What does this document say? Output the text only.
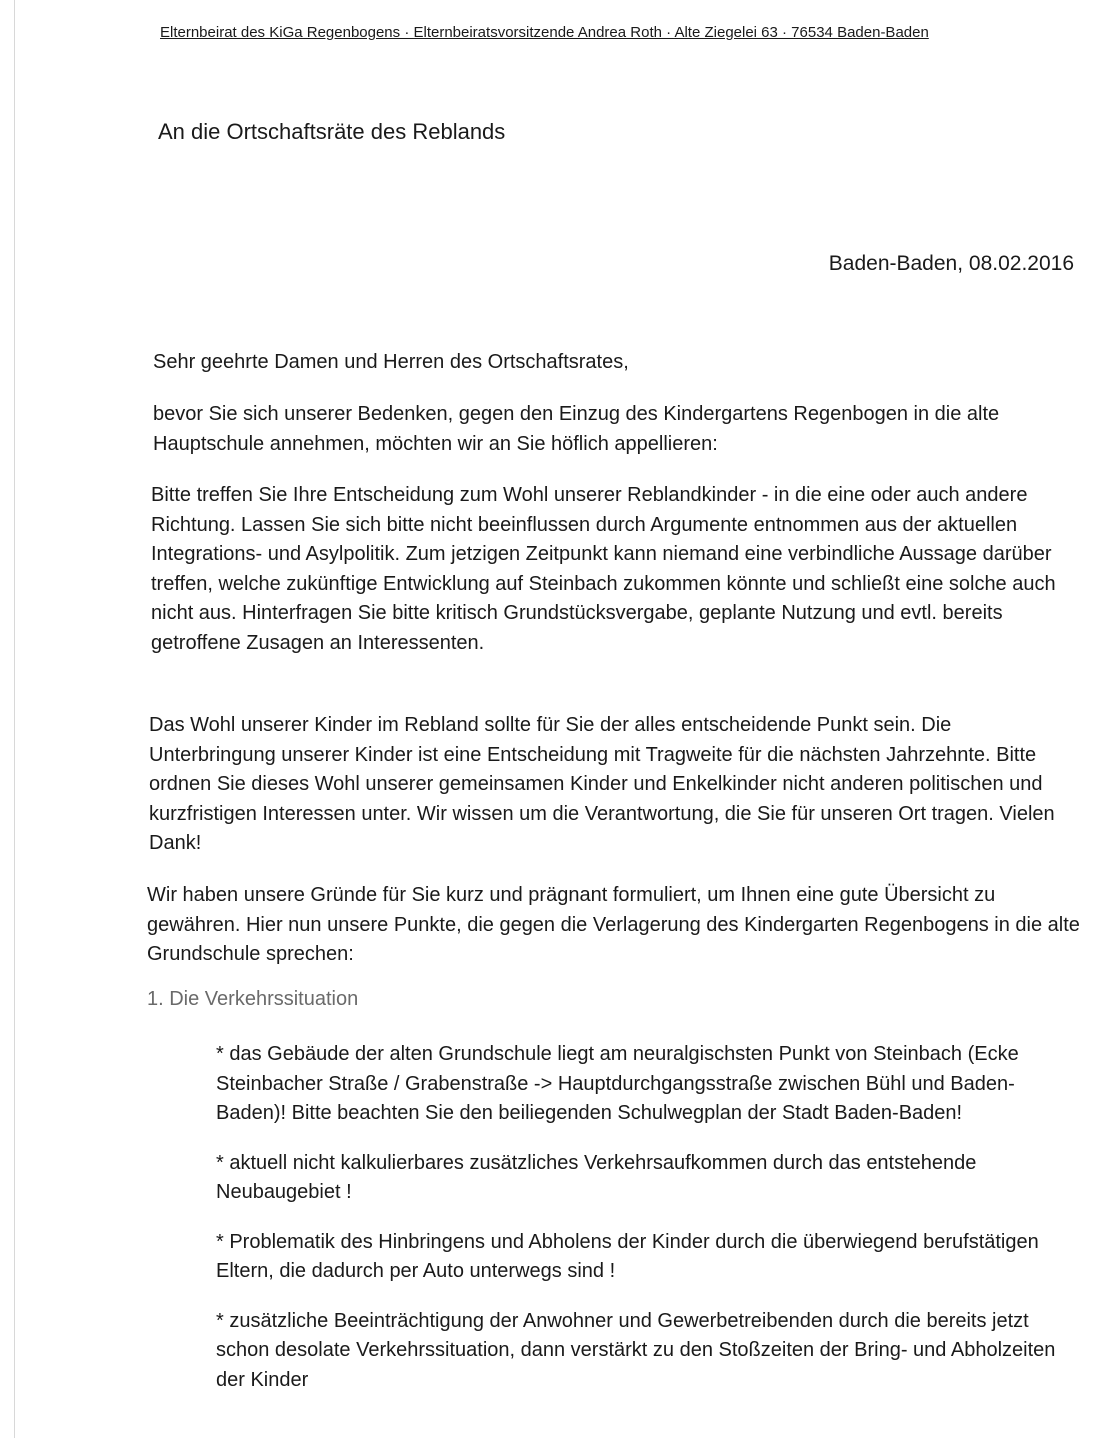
Elternbeirat des KiGa Regenbogens · Elternbeiratsvorsitzende Andrea Roth · Alte Ziegelei 63 · 76534 Baden-Baden
An die Ortschaftsräte des Reblands
Baden-Baden, 08.02.2016

Sehr geehrte Damen und Herren des Ortschaftsrates,

bevor Sie sich unserer Bedenken, gegen den Einzug des Kindergartens Regenbogen in die alte Hauptschule annehmen, möchten wir an Sie höflich appellieren:

Bitte treffen Sie Ihre Entscheidung zum Wohl unserer Reblandkinder - in die eine oder auch andere Richtung. Lassen Sie sich bitte nicht beeinflussen durch Argumente entnommen aus der aktuellen Integrations- und Asylpolitik. Zum jetzigen Zeitpunkt kann niemand eine verbindliche Aussage darüber treffen, welche zukünftige Entwicklung auf Steinbach zukommen könnte und schließt eine solche auch nicht aus. Hinterfragen Sie bitte kritisch Grundstücksvergabe, geplante Nutzung und evtl. bereits getroffene Zusagen an Interessenten.

Das Wohl unserer Kinder im Rebland sollte für Sie der alles entscheidende Punkt sein. Die Unterbringung unserer Kinder ist eine Entscheidung mit Tragweite für die nächsten Jahrzehnte. Bitte ordnen Sie dieses Wohl unserer gemeinsamen Kinder und Enkelkinder nicht anderen politischen und kurzfristigen Interessen unter. Wir wissen um die Verantwortung, die Sie für unseren Ort tragen. Vielen Dank!

Wir haben unsere Gründe für Sie kurz und prägnant formuliert, um Ihnen eine gute Übersicht zu gewähren. Hier nun unsere Punkte, die gegen die Verlagerung des Kindergarten Regenbogens in die alte Grundschule sprechen:

1. Die Verkehrssituation
* das Gebäude der alten Grundschule liegt am neuralgischsten Punkt von Steinbach (Ecke Steinbacher Straße / Grabenstraße -> Hauptdurchgangsstraße zwischen Bühl und Baden-Baden)! Bitte beachten Sie den beiliegenden Schulwegplan der Stadt Baden-Baden!
* aktuell nicht kalkulierbares zusätzliches Verkehrsaufkommen durch das entstehende Neubaugebiet !
* Problematik des Hinbringens und Abholens der Kinder durch die überwiegend berufstätigen Eltern, die dadurch per Auto unterwegs sind !
* zusätzliche Beeinträchtigung der Anwohner und Gewerbetreibenden durch die bereits jetzt schon desolate Verkehrssituation, dann verstärkt zu den Stoßzeiten der Bring- und Abholzeiten der Kinder
